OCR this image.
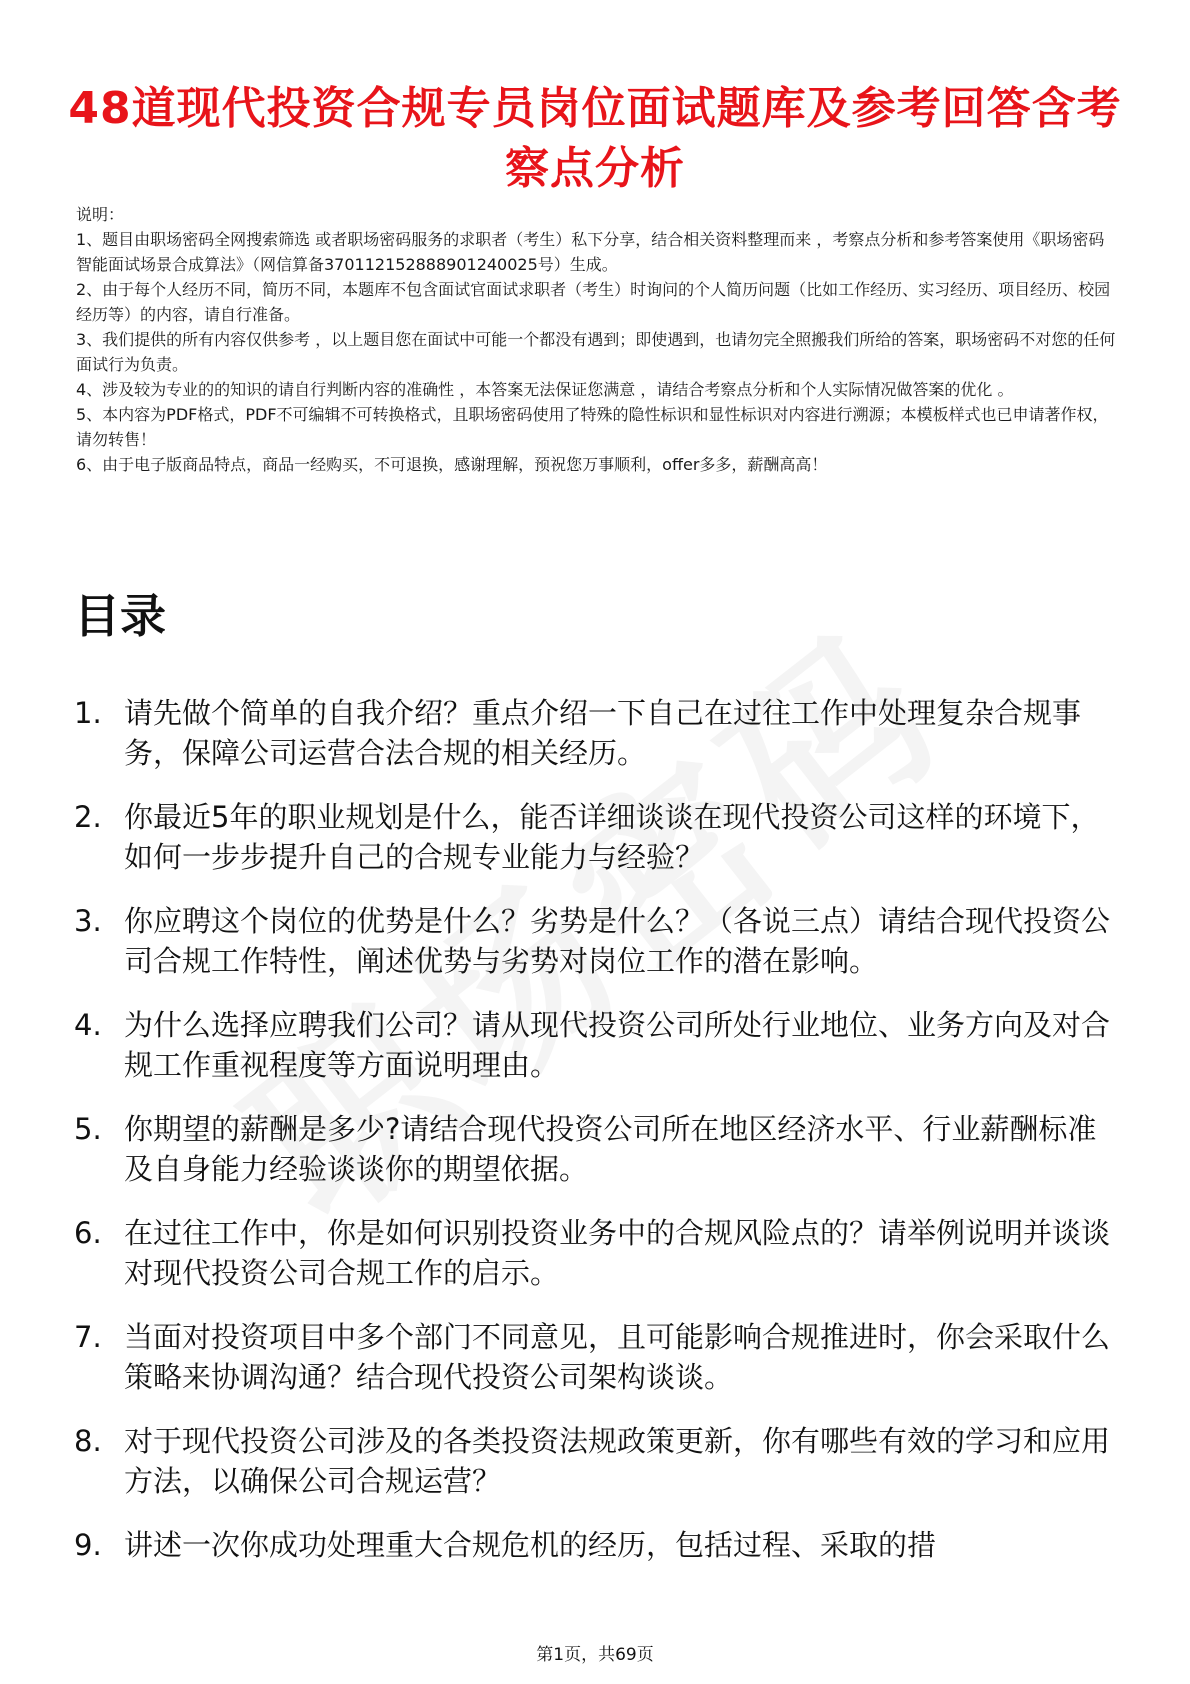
48道现代投资合规专员岗位面试题库及参考回答含考察点分析

说明：

1、题目由职场密码全网搜索筛选 或者职场密码服务的求职者（考生）私下分享，结合相关资料整理而来 ，考察点分析和参考答案使用《职场密码智能面试场景合成算法》（网信算备370112152888901240025号）生成。

2、由于每个人经历不同，简历不同，本题库不包含面试官面试求职者（考生）时询问的个人简历问题（比如工作经历、实习经历、项目经历、校园经历等）的内容，请自行准备。

3、我们提供的所有内容仅供参考 ，以上题目您在面试中可能一个都没有遇到；即使遇到，也请勿完全照搬我们所给的答案，职场密码不对您的任何面试行为负责。

4、涉及较为专业的的知识的请自行判断内容的准确性 ，本答案无法保证您满意 ，请结合考察点分析和个人实际情况做答案的优化 。

5、本内容为PDF格式，PDF不可编辑不可转换格式，且职场密码使用了特殊的隐性标识和显性标识对内容进行溯源；本模板样式也已申请著作权，请勿转售！

6、由于电子版商品特点，商品一经购买，不可退换，感谢理解，预祝您万事顺利，offer多多，薪酬高高！

目录
1. 请先做个简单的自我介绍？重点介绍一下自己在过往工作中处理复杂合规事务，保障公司运营合法合规的相关经历。
2. 你最近5年的职业规划是什么，能否详细谈谈在现代投资公司这样的环境下，如何一步步提升自己的合规专业能力与经验？
3. 你应聘这个岗位的优势是什么？劣势是什么？（各说三点）请结合现代投资公司合规工作特性，阐述优势与劣势对岗位工作的潜在影响。
4. 为什么选择应聘我们公司？请从现代投资公司所处行业地位、业务方向及对合规工作重视程度等方面说明理由。
5. 你期望的薪酬是多少?请结合现代投资公司所在地区经济水平、行业薪酬标准及自身能力经验谈谈你的期望依据。
6. 在过往工作中，你是如何识别投资业务中的合规风险点的？请举例说明并谈谈对现代投资公司合规工作的启示。
7. 当面对投资项目中多个部门不同意见，且可能影响合规推进时，你会采取什么策略来协调沟通？结合现代投资公司架构谈谈。
8. 对于现代投资公司涉及的各类投资法规政策更新，你有哪些有效的学习和应用方法，以确保公司合规运营？
9. 讲述一次你成功处理重大合规危机的经历，包括过程、采取的措
第1页，共69页
